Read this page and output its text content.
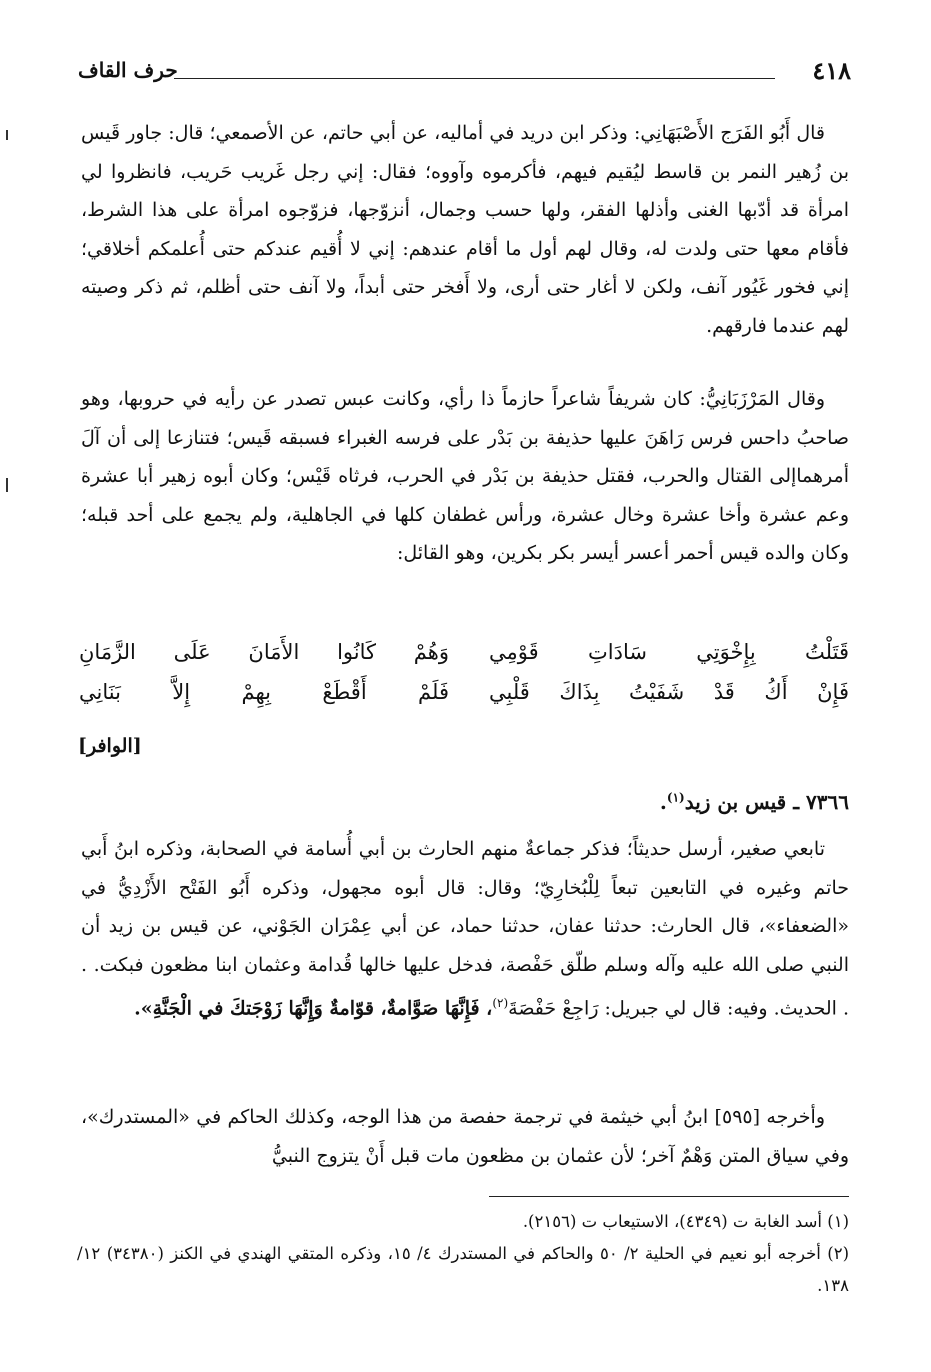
٤١٨
حرف القاف

قال أَبُو الفَرَج الأَصْبَهَانِي: وذكر ابن دريد في أماليه، عن أبي حاتم، عن الأصمعي؛ قال: جاور قَيس بن زُهير النمر بن قاسط ليُقيم فيهم، فأكرموه وآووه؛ فقال: إني رجل غَريب حَريب، فانظروا لي امرأة قد أدّبها الغنى وأذلها الفقر، ولها حسب وجمال، أنزوّجها، فزوّجوه امرأة على هذا الشرط، فأقام معها حتى ولدت له، وقال لهم أول ما أقام عندهم: إني لا أُقيم عندكم حتى أُعلمكم أخلاقي؛ إني فخور غَيُور آنف، ولكن لا أغار حتى أرى، ولا أَفخر حتى أبداً، ولا آنف حتى أظلم، ثم ذكر وصيته لهم عندما فارقهم.

وقال المَرْزَبَانِيُّ: كان شريفاً شاعراً حازماً ذا رأي، وكانت عبس تصدر عن رأيه في حروبها، وهو صاحبُ داحس فرس رَاهَنَ عليها حذيفة بن بَدْر على فرسه الغبراء فسبقه قَيس؛ فتنازعا إلى أن آلَ أمرهماإلى القتال والحرب، فقتل حذيفة بن بَدْر في الحرب، فرثاه قَيْس؛ وكان أبوه زهير أبا عشرة وعم عشرة وأخا عشرة وخال عشرة، ورأس غطفان كلها في الجاهلية، ولم يجمع على أحد قبله؛ وكان والده قيس أحمر أعسر أيسر بكر بكرين، وهو القائل:

قَتَلْتُ بِإِخْوَتِي سَادَاتِ قَوْمِي
وَهُمْ كَانُوا الأَمَانَ عَلَى الزَّمَانِ
فَإِنْ أَكُ قَدْ شَفَيْتُ بِذَاكَ قَلْبِي
فَلَمْ أَقْطَعْ بِهِمْ إِلاَّ بَنَانِي
[الوافر]
٧٣٦٦ ـ قيس بن زيد$^{(١)}$.

تابعي صغير، أرسل حديثاً؛ فذكر جماعةٌ منهم الحارث بن أبي أُسامة في الصحابة، وذكره ابنُ أَبي حاتم وغيره في التابعين تبعاً لِلْبُخارِيّ؛ وقال: قال أبوه مجهول، وذكره أَبُو الفَتْح الأَزْدِيُّ في «الضعفاء»، قال الحارث: حدثنا عفان، حدثنا حماد، عن أبي عِمْرَان الجَوْني، عن قيس بن زيد أن النبي صلى الله عليه وآله وسلم طلّق حَفْصة، فدخل عليها خالها قُدامة وعثمان ابنا مظعون فبكت. . . الحديث. وفيه: قال لي جبريل: رَاجِعْ حَفْصَةَ$^{(٢)}$، فَإِنَّهَا صَوَّامةٌ، قوّامةٌ وَإِنَّهَا زَوْجَتكَ في الْجَنَّةِ».

وأخرجه [٥٩٥] ابنُ أبي خيثمة في ترجمة حفصة من هذا الوجه، وكذلك الحاكم في «المستدرك»، وفي سياق المتن وَهْمٌ آخر؛ لأن عثمان بن مظعون مات قبل أَنْ يتزوج النبيُّ

(١) أسد الغابة ت (٤٣٤٩)، الاستيعاب ت (٢١٥٦).
(٢) أخرجه أبو نعيم في الحلية ٢/ ٥٠ والحاكم في المستدرك ٤/ ١٥، وذكره المتقي الهندي في الكنز (٣٤٣٨٠) ١٢/ ١٣٨.
